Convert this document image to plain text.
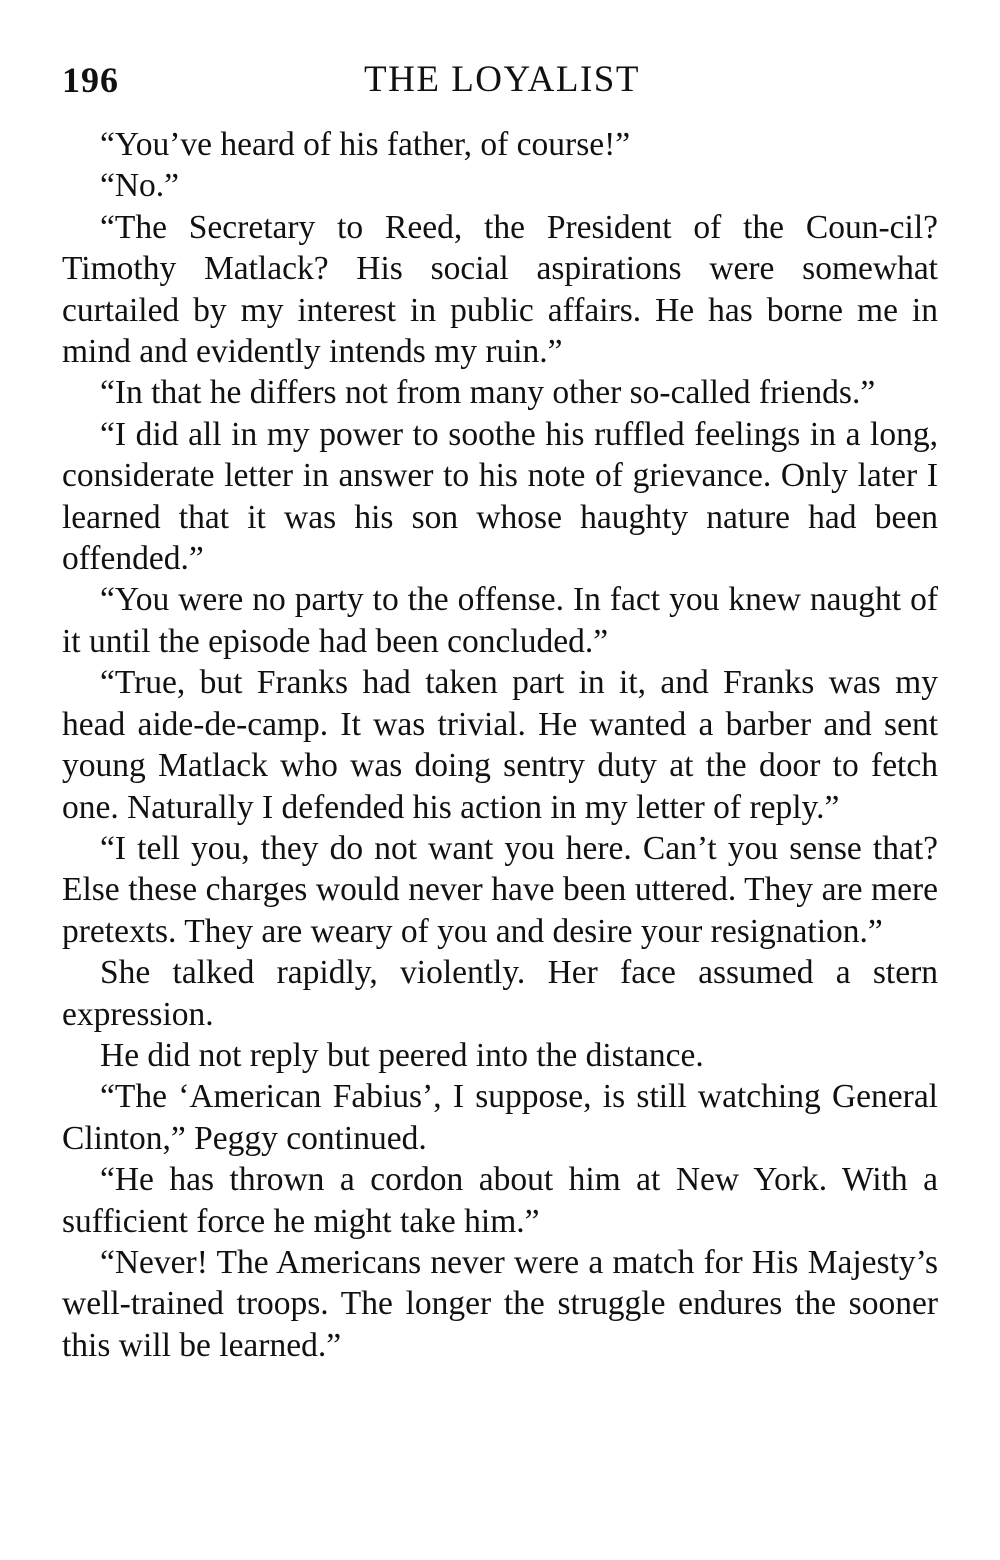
196	THE LOYALIST

“You’ve heard of his father, of course!”

“No.”

“The Secretary to Reed, the President of the Coun-cil? Timothy Matlack? His social aspirations were somewhat curtailed by my interest in public affairs. He has borne me in mind and evidently intends my ruin.”

“In that he differs not from many other so-called friends.”

“I did all in my power to soothe his ruffled feelings in a long, considerate letter in answer to his note of grievance. Only later I learned that it was his son whose haughty nature had been offended.”

“You were no party to the offense. In fact you knew naught of it until the episode had been concluded.”

“True, but Franks had taken part in it, and Franks was my head aide-de-camp. It was trivial. He wanted a barber and sent young Matlack who was doing sentry duty at the door to fetch one. Naturally I defended his action in my letter of reply.”

“I tell you, they do not want you here. Can’t you sense that? Else these charges would never have been uttered. They are mere pretexts. They are weary of you and desire your resignation.”

She talked rapidly, violently. Her face assumed a stern expression.

He did not reply but peered into the distance.

“The ‘American Fabius’, I suppose, is still watching General Clinton,” Peggy continued.

“He has thrown a cordon about him at New York. With a sufficient force he might take him.”

“Never! The Americans never were a match for His Majesty’s well-trained troops. The longer the struggle endures the sooner this will be learned.”
